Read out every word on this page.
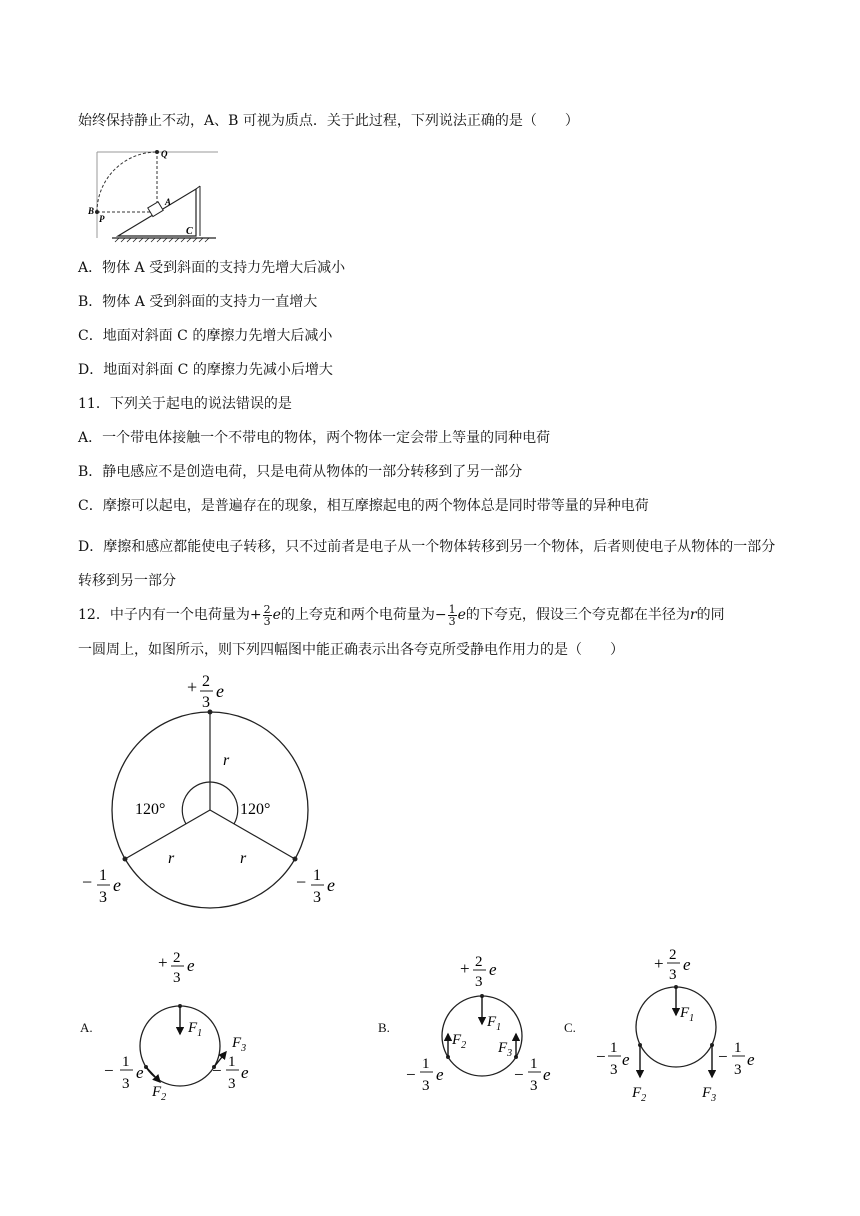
始终保持静止不动，A、B 可视为质点．关于此过程，下列说法正确的是（　　）
Q
B
P
A
C
A．物体 A 受到斜面的支持力先增大后减小
B．物体 A 受到斜面的支持力一直增大
C．地面对斜面 C 的摩擦力先增大后减小
D．地面对斜面 C 的摩擦力先减小后增大
11．下列关于起电的说法错误的是
A．一个带电体接触一个不带电的物体，两个物体一定会带上等量的同种电荷
B．静电感应不是创造电荷，只是电荷从物体的一部分转移到了另一部分
C．摩擦可以起电，是普遍存在的现象，相互摩擦起电的两个物体总是同时带等量的异种电荷
D．摩擦和感应都能使电子转移，只不过前者是电子从一个物体转移到另一个物体，后者则使电子从物体的一部分转移到另一部分
12．中子内有一个电荷量为+ $\frac{2}{3}$ e的上夸克和两个电荷量为− $\frac{1}{3}$ e的下夸克，假设三个夸克都在半径为r的同
一圆周上，如图所示，则下列四幅图中能正确表示出各夸克所受静电作用力的是（　　）
r
r	r
120°	120°
+ 2
3
e
− 1
3
e	− 1
3
e
A.	$F_1$
$F_2$
$F_3$
+ 2
3
e
− 1
3
e	− 1
3
e
B.	$F_1$
$F_2$ $F_3$
+ 2
3
e
−
1
3
e	−
1
3
e
C.
$F_1$
$F_2$	$F_3$
+ 2
3
e
− 1
3
e	− 1
3
e
